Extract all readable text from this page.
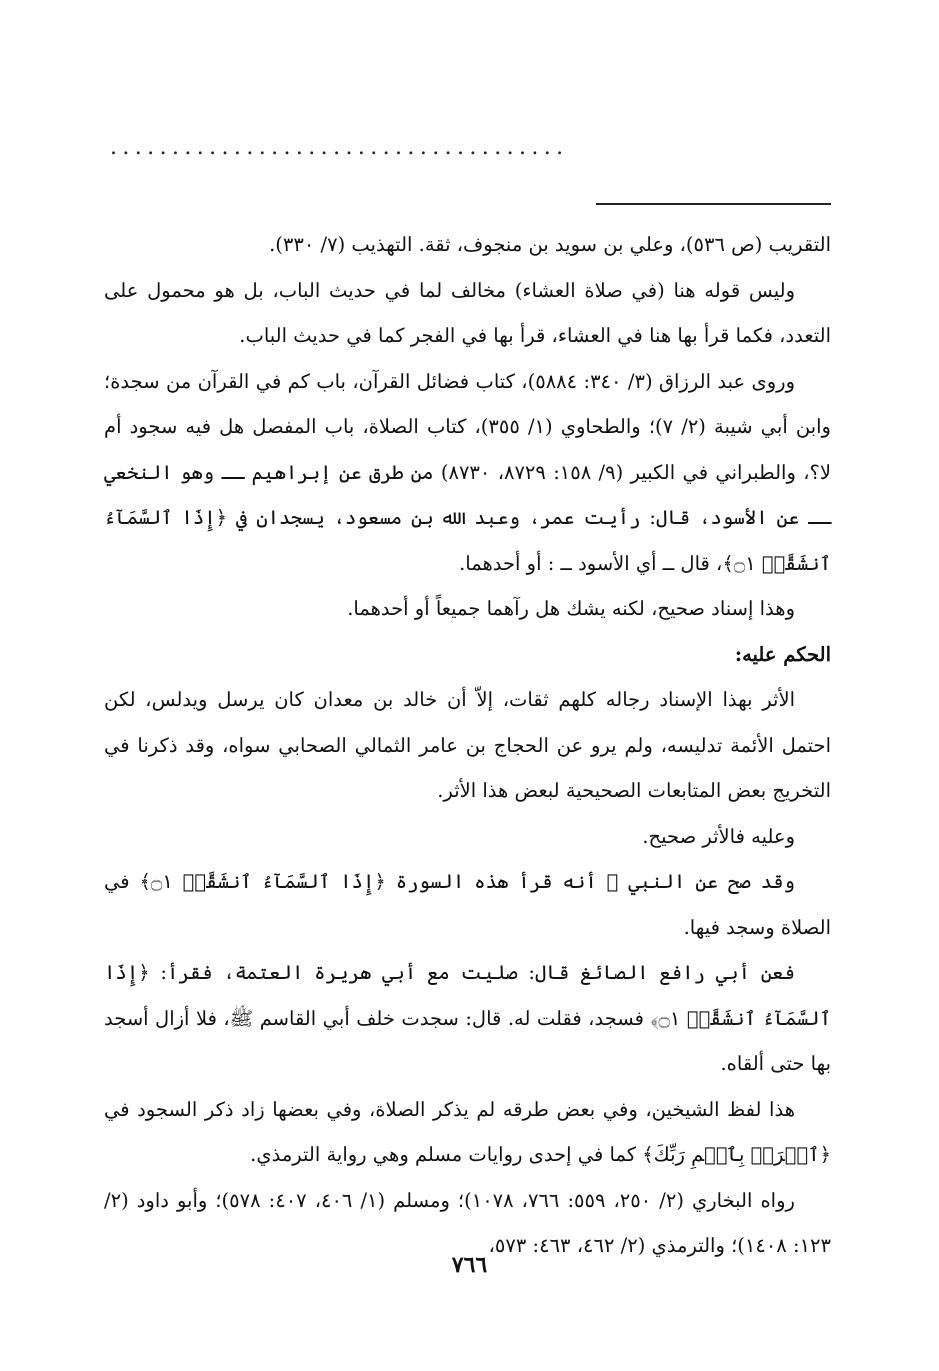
.....................................

التقريب (ص ٥٣٦)، وعلي بن سويد بن منجوف، ثقة. التهذيب (٧/ ٣٣٠).

وليس قوله هنا (في صلاة العشاء) مخالف لما في حديث الباب، بل هو محمول على التعدد، فكما قرأ بها هنا في العشاء، قرأ بها في الفجر كما في حديث الباب.

وروى عبد الرزاق (٣/ ٣٤٠: ٥٨٨٤)، كتاب فضائل القرآن، باب كم في القرآن من سجدة؛ وابن أبي شيبة (٢/ ٧)؛ والطحاوي (١/ ٣٥٥)، كتاب الصلاة، باب المفصل هل فيه سجود أم لا؟، والطبراني في الكبير (٩/ ١٥٨: ٨٧٢٩، ٨٧٣٠) من طرق عن إبراهيم ــ وهو النخعي ــ عن الأسود، قال: رأيت عمر، وعبد الله بن مسعود، يسجدان في ﴿إِذَا ٱلسَّمَآءُ ٱنشَقَّتۡ ۝١﴾، قال ــ أي الأسود ــ : أو أحدهما.

وهذا إسناد صحيح، لكنه يشك هل رآهما جميعاً أو أحدهما.

الحكم عليه:

الأثر بهذا الإسناد رجاله كلهم ثقات، إلاّ أن خالد بن معدان كان يرسل ويدلس، لكن احتمل الأئمة تدليسه، ولم يرو عن الحجاج بن عامر الثمالي الصحابي سواه، وقد ذكرنا في التخريج بعض المتابعات الصحيحية لبعض هذا الأثر.

وعليه فالأثر صحيح.

وقد صح عن النبي ﷺ أنه قرأ هذه السورة ﴿إِذَا ٱلسَّمَآءُ ٱنشَقَّتۡ ۝١﴾ في الصلاة وسجد فيها.

فعن أبي رافع الصائغ قال: صليت مع أبي هريرة العتمة، فقرأ: ﴿إِذَا ٱلسَّمَآءُ ٱنشَقَّتۡ ۝١﴾ فسجد، فقلت له. قال: سجدت خلف أبي القاسم ﷺ، فلا أزال أسجد بها حتى ألقاه.

هذا لفظ الشيخين، وفي بعض طرقه لم يذكر الصلاة، وفي بعضها زاد ذكر السجود في ﴿ٱقۡرَأۡ بِٱسۡمِ رَبِّكَ﴾ كما في إحدى روايات مسلم وهي رواية الترمذي.

رواه البخاري (٢/ ٢٥٠، ٥٥٩: ٧٦٦، ١٠٧٨)؛ ومسلم (١/ ٤٠٦، ٤٠٧: ٥٧٨)؛ وأبو داود (٢/ ١٢٣: ١٤٠٨)؛ والترمذي (٢/ ٤٦٢، ٤٦٣: ٥٧٣،

٧٦٦
